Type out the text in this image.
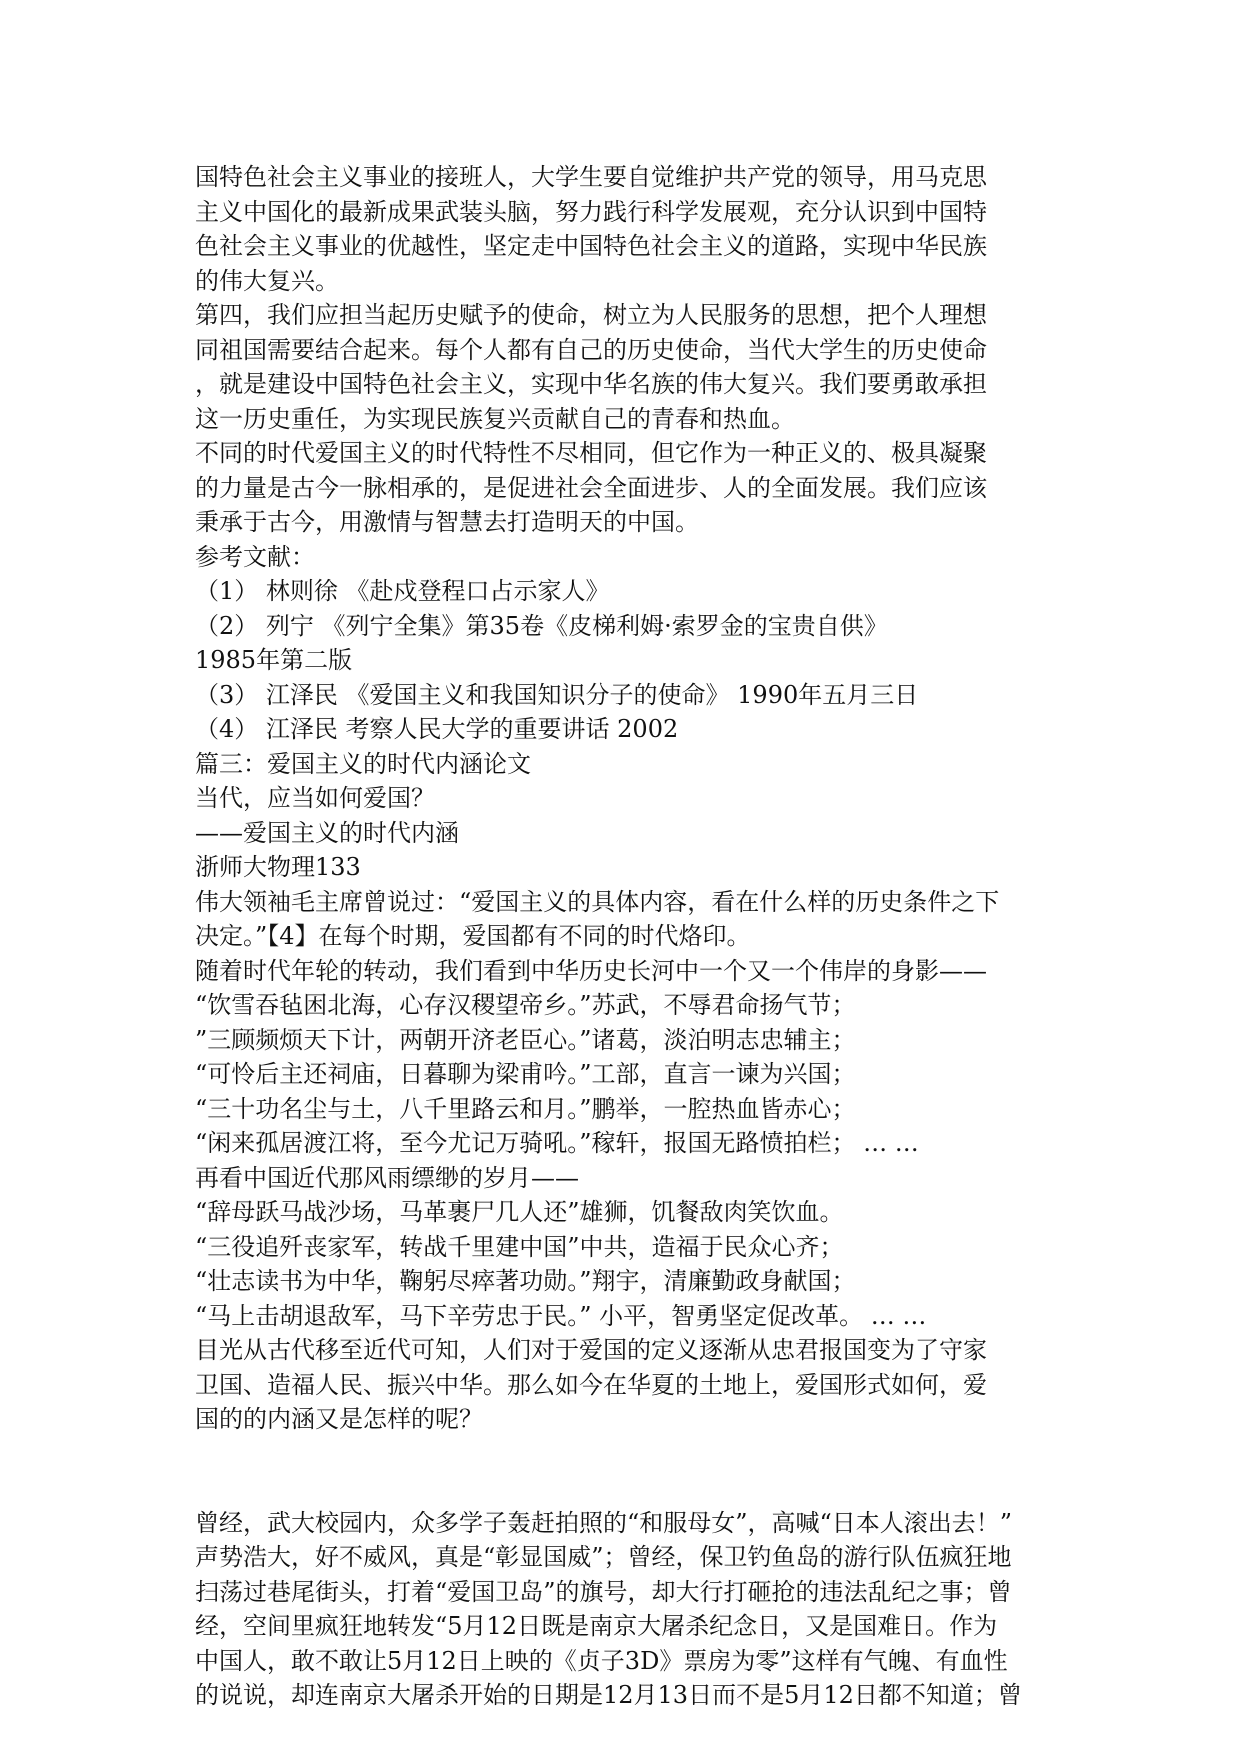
国特色社会主义事业的接班人，大学生要自觉维护共产党的领导，用马克思
主义中国化的最新成果武装头脑，努力践行科学发展观，充分认识到中国特
色社会主义事业的优越性，坚定走中国特色社会主义的道路，实现中华民族
的伟大复兴。
第四，我们应担当起历史赋予的使命，树立为人民服务的思想，把个人理想
同祖国需要结合起来。每个人都有自己的历史使命，当代大学生的历史使命
，就是建设中国特色社会主义，实现中华名族的伟大复兴。我们要勇敢承担
这一历史重任，为实现民族复兴贡献自己的青春和热血。
不同的时代爱国主义的时代特性不尽相同，但它作为一种正义的、极具凝聚
的力量是古今一脉相承的，是促进社会全面进步、人的全面发展。我们应该
秉承于古今，用激情与智慧去打造明天的中国。
参考文献：
（1） 林则徐 《赴戍登程口占示家人》
（2） 列宁 《列宁全集》第35卷《皮梯利姆·索罗金的宝贵自供》
1985年第二版
（3） 江泽民 《爱国主义和我国知识分子的使命》 1990年五月三日
（4） 江泽民 考察人民大学的重要讲话 2002
篇三：爱国主义的时代内涵论文
当代，应当如何爱国？
——爱国主义的时代内涵
浙师大物理133
伟大领袖毛主席曾说过：“爱国主义的具体内容，看在什么样的历史条件之下
决定。”【4】在每个时期，爱国都有不同的时代烙印。
随着时代年轮的转动，我们看到中华历史长河中一个又一个伟岸的身影——
“饮雪吞毡困北海，心存汉稷望帝乡。”苏武，不辱君命扬气节；
”三顾频烦天下计，两朝开济老臣心。”诸葛，淡泊明志忠辅主；
“可怜后主还祠庙，日暮聊为梁甫吟。”工部，直言一谏为兴国；
“三十功名尘与土，八千里路云和月。”鹏举，一腔热血皆赤心；
“闲来孤居渡江将，至今尤记万骑吼。”稼轩，报国无路愤拍栏； … …
再看中国近代那风雨缥缈的岁月——
“辞母跃马战沙场，马革裹尸几人还”雄狮，饥餐敌肉笑饮血。
“三役追歼丧家军，转战千里建中国”中共，造福于民众心齐；
“壮志读书为中华，鞠躬尽瘁著功勋。”翔宇，清廉勤政身献国；
“马上击胡退敌军，马下辛劳忠于民。” 小平，智勇坚定促改革。 … …
目光从古代移至近代可知，人们对于爱国的定义逐渐从忠君报国变为了守家
卫国、造福人民、振兴中华。那么如今在华夏的土地上，爱国形式如何，爱
国的的内涵又是怎样的呢？
曾经，武大校园内，众多学子轰赶拍照的“和服母女”，高喊“日本人滚出去！”
声势浩大，好不威风，真是“彰显国威”；曾经，保卫钓鱼岛的游行队伍疯狂地
扫荡过巷尾街头，打着“爱国卫岛”的旗号，却大行打砸抢的违法乱纪之事；曾
经，空间里疯狂地转发“5月12日既是南京大屠杀纪念日，又是国难日。作为
中国人，敢不敢让5月12日上映的《贞子3D》票房为零”这样有气魄、有血性
的说说，却连南京大屠杀开始的日期是12月13日而不是5月12日都不知道；曾
